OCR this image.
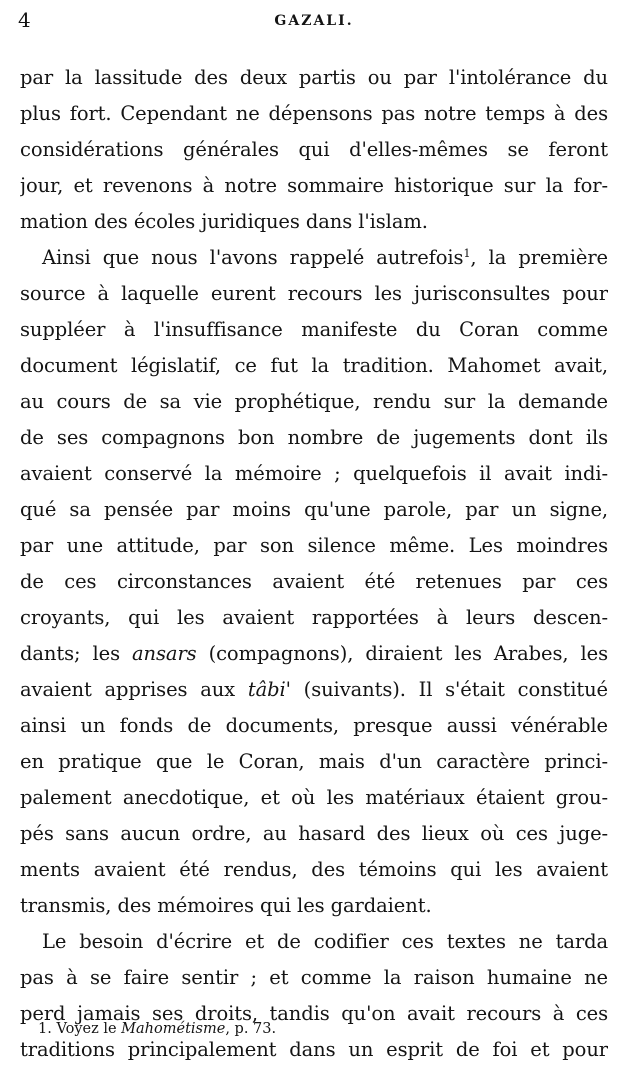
4	GAZALI.
par la lassitude des deux partis ou par l'intolérance du
plus fort. Cependant ne dépensons pas notre temps à des
considérations générales qui d'elles-mêmes se feront
jour, et revenons à notre sommaire historique sur la for-
mation des écoles juridiques dans l'islam.
Ainsi que nous l'avons rappelé autrefois$^1$, la première
source à laquelle eurent recours les jurisconsultes pour
suppléer à l'insuffisance manifeste du Coran comme
document législatif, ce fut la tradition. Mahomet avait,
au cours de sa vie prophétique, rendu sur la demande
de ses compagnons bon nombre de jugements dont ils
avaient conservé la mémoire ; quelquefois il avait indi-
qué sa pensée par moins qu'une parole, par un signe,
par une attitude, par son silence même. Les moindres
de ces circonstances avaient été retenues par ces
croyants, qui les avaient rapportées à leurs descen-
dants; les ansars (compagnons), diraient les Arabes, les
avaient apprises aux tâbi' (suivants). Il s'était constitué
ainsi un fonds de documents, presque aussi vénérable
en pratique que le Coran, mais d'un caractère princi-
palement anecdotique, et où les matériaux étaient grou-
pés sans aucun ordre, au hasard des lieux où ces juge-
ments avaient été rendus, des témoins qui les avaient
transmis, des mémoires qui les gardaient.
Le besoin d'écrire et de codifier ces textes ne tarda
pas à se faire sentir ; et comme la raison humaine ne
perd jamais ses droits, tandis qu'on avait recours à ces
traditions principalement dans un esprit de foi et pour
1. Voyez le Mahométisme, p. 73.
